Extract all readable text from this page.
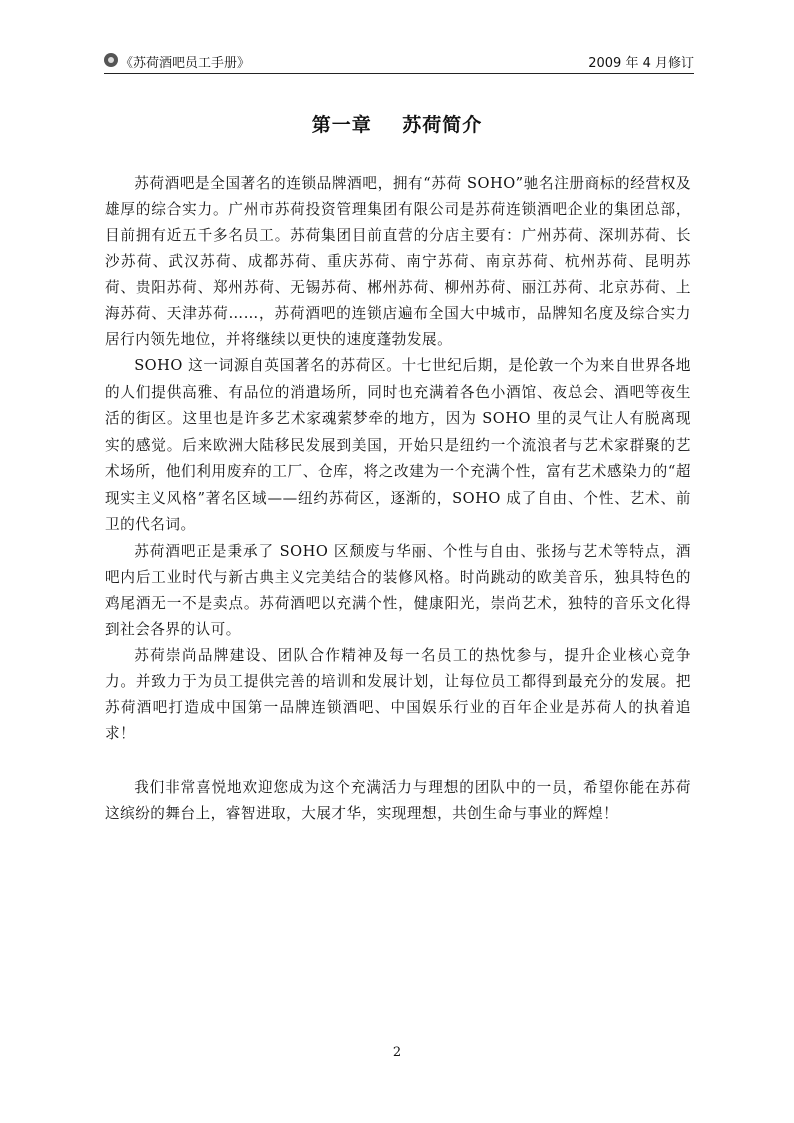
《苏荷酒吧员工手册》	2009 年 4 月修订
第一章    苏荷简介

苏荷酒吧是全国著名的连锁品牌酒吧，拥有“苏荷 SOHO”驰名注册商标的经营权及雄厚的综合实力。广州市苏荷投资管理集团有限公司是苏荷连锁酒吧企业的集团总部，目前拥有近五千多名员工。苏荷集团目前直营的分店主要有：广州苏荷、深圳苏荷、长沙苏荷、武汉苏荷、成都苏荷、重庆苏荷、南宁苏荷、南京苏荷、杭州苏荷、昆明苏荷、贵阳苏荷、郑州苏荷、无锡苏荷、郴州苏荷、柳州苏荷、丽江苏荷、北京苏荷、上海苏荷、天津苏荷……，苏荷酒吧的连锁店遍布全国大中城市，品牌知名度及综合实力居行内领先地位，并将继续以更快的速度蓬勃发展。

SOHO 这一词源自英国著名的苏荷区。十七世纪后期，是伦敦一个为来自世界各地的人们提供高雅、有品位的消遣场所，同时也充满着各色小酒馆、夜总会、酒吧等夜生活的街区。这里也是许多艺术家魂萦梦牵的地方，因为 SOHO 里的灵气让人有脱离现实的感觉。后来欧洲大陆移民发展到美国，开始只是纽约一个流浪者与艺术家群聚的艺术场所，他们利用废弃的工厂、仓库，将之改建为一个充满个性，富有艺术感染力的“超现实主义风格”著名区域——纽约苏荷区，逐渐的，SOHO 成了自由、个性、艺术、前卫的代名词。

苏荷酒吧正是秉承了 SOHO 区颓废与华丽、个性与自由、张扬与艺术等特点，酒吧内后工业时代与新古典主义完美结合的装修风格。时尚跳动的欧美音乐，独具特色的鸡尾酒无一不是卖点。苏荷酒吧以充满个性，健康阳光，崇尚艺术，独特的音乐文化得到社会各界的认可。

苏荷崇尚品牌建设、团队合作精神及每一名员工的热忱参与，提升企业核心竞争力。并致力于为员工提供完善的培训和发展计划，让每位员工都得到最充分的发展。把苏荷酒吧打造成中国第一品牌连锁酒吧、中国娱乐行业的百年企业是苏荷人的执着追求！

我们非常喜悦地欢迎您成为这个充满活力与理想的团队中的一员，希望你能在苏荷这缤纷的舞台上，睿智进取，大展才华，实现理想，共创生命与事业的辉煌！

2
